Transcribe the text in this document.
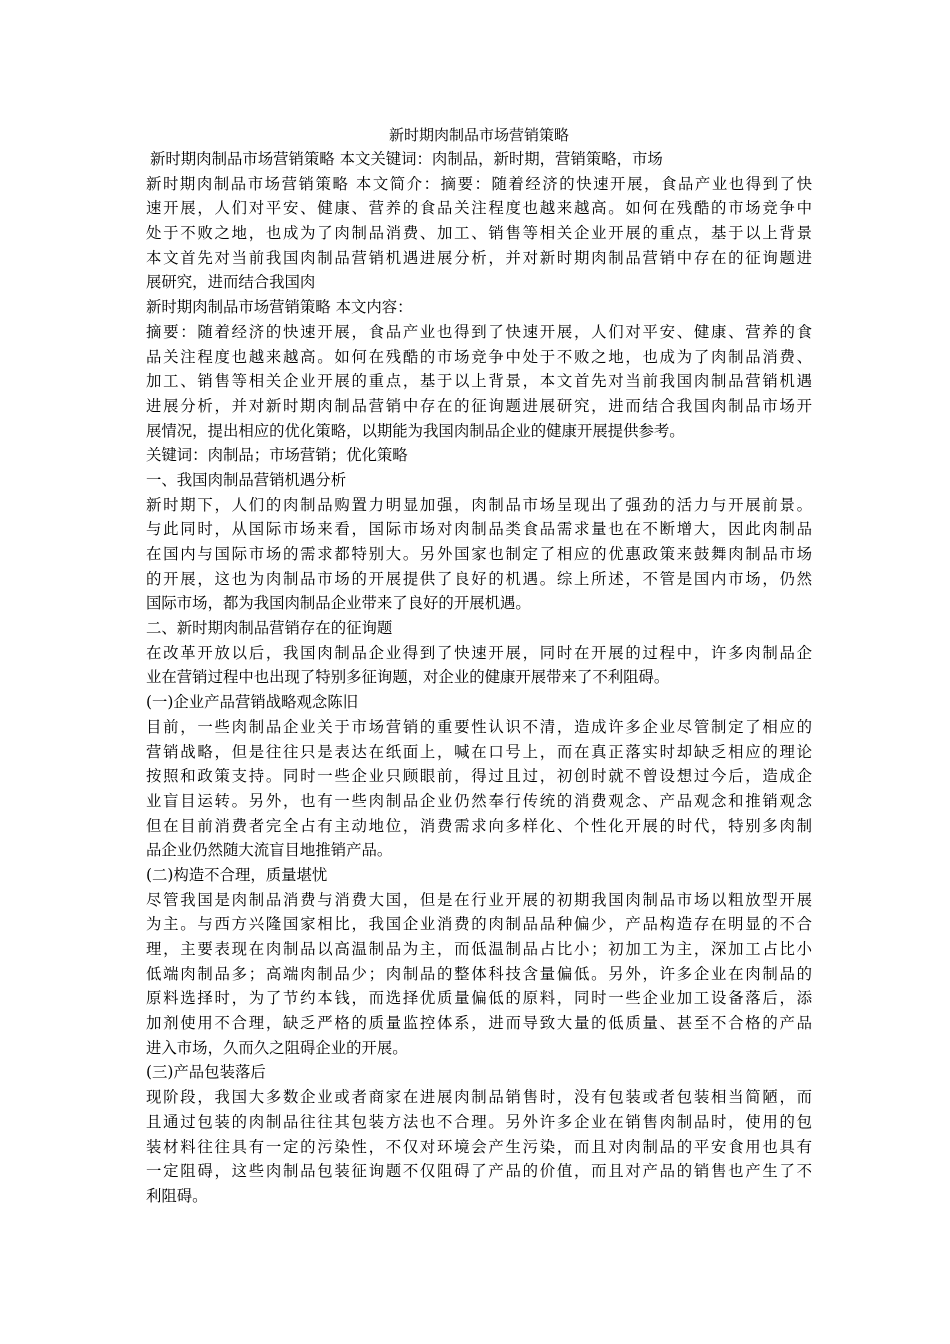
新时期肉制品市场营销策略
新时期肉制品市场营销策略 本文关键词：肉制品，新时期，营销策略，市场
新时期肉制品市场营销策略 本文简介：摘要：随着经济的快速开展，食品产业也得到了快
速开展，人们对平安、健康、营养的食品关注程度也越来越高。如何在残酷的市场竞争中
处于不败之地，也成为了肉制品消费、加工、销售等相关企业开展的重点，基于以上背景
本文首先对当前我国肉制品营销机遇进展分析，并对新时期肉制品营销中存在的征询题进
展研究，进而结合我国肉
新时期肉制品市场营销策略 本文内容：
摘要：随着经济的快速开展，食品产业也得到了快速开展，人们对平安、健康、营养的食
品关注程度也越来越高。如何在残酷的市场竞争中处于不败之地，也成为了肉制品消费、
加工、销售等相关企业开展的重点，基于以上背景，本文首先对当前我国肉制品营销机遇
进展分析，并对新时期肉制品营销中存在的征询题进展研究，进而结合我国肉制品市场开
展情况，提出相应的优化策略，以期能为我国肉制品企业的健康开展提供参考。
关键词：肉制品；市场营销；优化策略
一、我国肉制品营销机遇分析
新时期下，人们的肉制品购置力明显加强，肉制品市场呈现出了强劲的活力与开展前景。
与此同时，从国际市场来看，国际市场对肉制品类食品需求量也在不断增大，因此肉制品
在国内与国际市场的需求都特别大。另外国家也制定了相应的优惠政策来鼓舞肉制品市场
的开展，这也为肉制品市场的开展提供了良好的机遇。综上所述，不管是国内市场，仍然
国际市场，都为我国肉制品企业带来了良好的开展机遇。
二、新时期肉制品营销存在的征询题
在改革开放以后，我国肉制品企业得到了快速开展，同时在开展的过程中，许多肉制品企
业在营销过程中也出现了特别多征询题，对企业的健康开展带来了不利阻碍。
(一)企业产品营销战略观念陈旧
目前，一些肉制品企业关于市场营销的重要性认识不清，造成许多企业尽管制定了相应的
营销战略，但是往往只是表达在纸面上，喊在口号上，而在真正落实时却缺乏相应的理论
按照和政策支持。同时一些企业只顾眼前，得过且过，初创时就不曾设想过今后，造成企
业盲目运转。另外，也有一些肉制品企业仍然奉行传统的消费观念、产品观念和推销观念
但在目前消费者完全占有主动地位，消费需求向多样化、个性化开展的时代，特别多肉制
品企业仍然随大流盲目地推销产品。
(二)构造不合理，质量堪忧
尽管我国是肉制品消费与消费大国，但是在行业开展的初期我国肉制品市场以粗放型开展
为主。与西方兴隆国家相比，我国企业消费的肉制品品种偏少，产品构造存在明显的不合
理，主要表现在肉制品以高温制品为主，而低温制品占比小；初加工为主，深加工占比小
低端肉制品多；高端肉制品少；肉制品的整体科技含量偏低。另外，许多企业在肉制品的
原料选择时，为了节约本钱，而选择优质量偏低的原料，同时一些企业加工设备落后，添
加剂使用不合理，缺乏严格的质量监控体系，进而导致大量的低质量、甚至不合格的产品
进入市场，久而久之阻碍企业的开展。
(三)产品包装落后
现阶段，我国大多数企业或者商家在进展肉制品销售时，没有包装或者包装相当简陋，而
且通过包装的肉制品往往其包装方法也不合理。另外许多企业在销售肉制品时，使用的包
装材料往往具有一定的污染性，不仅对环境会产生污染，而且对肉制品的平安食用也具有
一定阻碍，这些肉制品包装征询题不仅阻碍了产品的价值，而且对产品的销售也产生了不
利阻碍。
